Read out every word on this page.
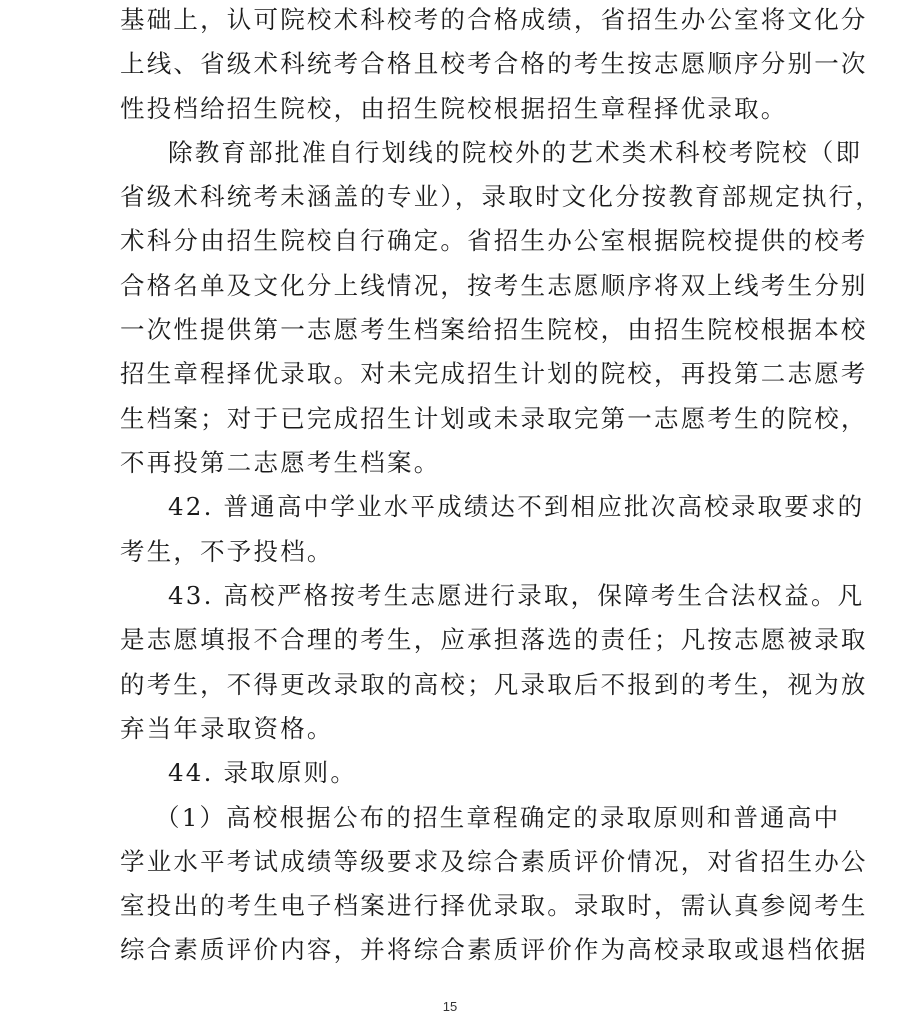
基础上，认可院校术科校考的合格成绩，省招生办公室将文化分
上线、省级术科统考合格且校考合格的考生按志愿顺序分别一次
性投档给招生院校，由招生院校根据招生章程择优录取。
除教育部批准自行划线的院校外的艺术类术科校考院校（即
省级术科统考未涵盖的专业），录取时文化分按教育部规定执行，
术科分由招生院校自行确定。省招生办公室根据院校提供的校考
合格名单及文化分上线情况，按考生志愿顺序将双上线考生分别
一次性提供第一志愿考生档案给招生院校，由招生院校根据本校
招生章程择优录取。对未完成招生计划的院校，再投第二志愿考
生档案；对于已完成招生计划或未录取完第一志愿考生的院校，
不再投第二志愿考生档案。
42. 普通高中学业水平成绩达不到相应批次高校录取要求的
考生，不予投档。
43. 高校严格按考生志愿进行录取，保障考生合法权益。凡
是志愿填报不合理的考生，应承担落选的责任；凡按志愿被录取
的考生，不得更改录取的高校；凡录取后不报到的考生，视为放
弃当年录取资格。
44. 录取原则。
（1）高校根据公布的招生章程确定的录取原则和普通高中
学业水平考试成绩等级要求及综合素质评价情况，对省招生办公
室投出的考生电子档案进行择优录取。录取时，需认真参阅考生
综合素质评价内容，并将综合素质评价作为高校录取或退档依据
15
